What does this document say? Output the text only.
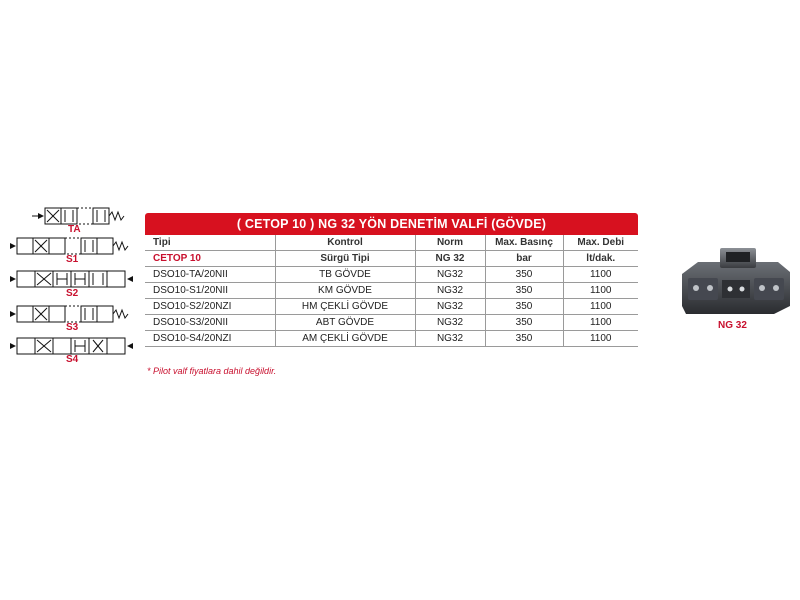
TA
S1
S2
S3
S4
( CETOP 10 ) NG 32 YÖN DENETİM VALFİ (GÖVDE)
Tipi	Kontrol	Norm	Max. Basınç	Max. Debi
CETOP 10	Sürgü Tipi	NG 32	bar	lt/dak.
DSO10-TA/20NII	TB GÖVDE	NG32	350	1100
DSO10-S1/20NII	KM GÖVDE	NG32	350	1100
DSO10-S2/20NZI	HM ÇEKLİ GÖVDE	NG32	350	1100
DSO10-S3/20NII	ABT GÖVDE	NG32	350	1100
DSO10-S4/20NZI	AM ÇEKLİ GÖVDE	NG32	350	1100
* Pilot valf fiyatlara dahil değildir.
NG 32
